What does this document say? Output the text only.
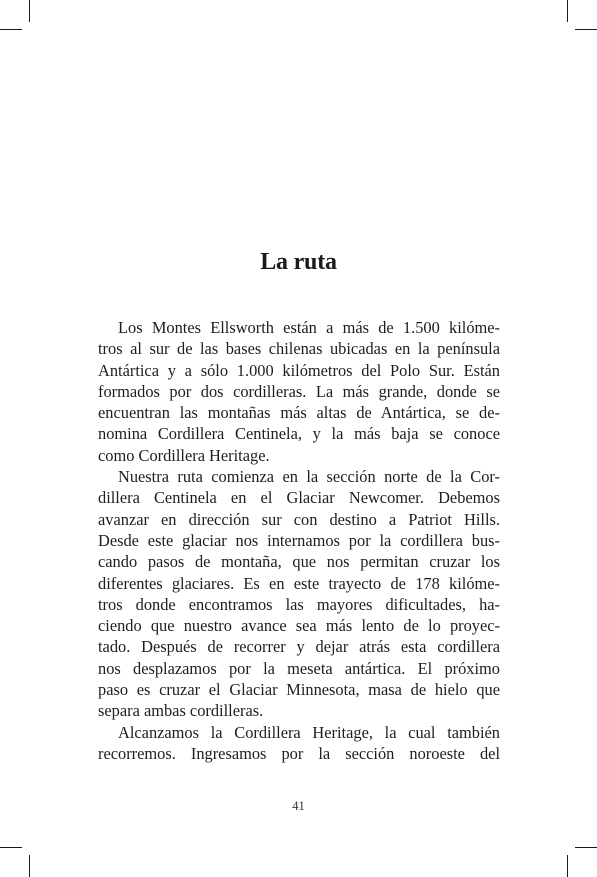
La ruta
Los Montes Ellsworth están a más de 1.500 kilóme-
tros al sur de las bases chilenas ubicadas en la península
Antártica y a sólo 1.000 kilómetros del Polo Sur. Están
formados por dos cordilleras. La más grande, donde se
encuentran las montañas más altas de Antártica, se de-
nomina Cordillera Centinela, y la más baja se conoce
como Cordillera Heritage.
Nuestra ruta comienza en la sección norte de la Cor-
dillera Centinela en el Glaciar Newcomer. Debemos
avanzar en dirección sur con destino a Patriot Hills.
Desde este glaciar nos internamos por la cordillera bus-
cando pasos de montaña, que nos permitan cruzar los
diferentes glaciares. Es en este trayecto de 178 kilóme-
tros donde encontramos las mayores dificultades, ha-
ciendo que nuestro avance sea más lento de lo proyec-
tado. Después de recorrer y dejar atrás esta cordillera
nos desplazamos por la meseta antártica. El próximo
paso es cruzar el Glaciar Minnesota, masa de hielo que
separa ambas cordilleras.
Alcanzamos la Cordillera Heritage, la cual también
recorremos. Ingresamos por la sección noroeste del
41
